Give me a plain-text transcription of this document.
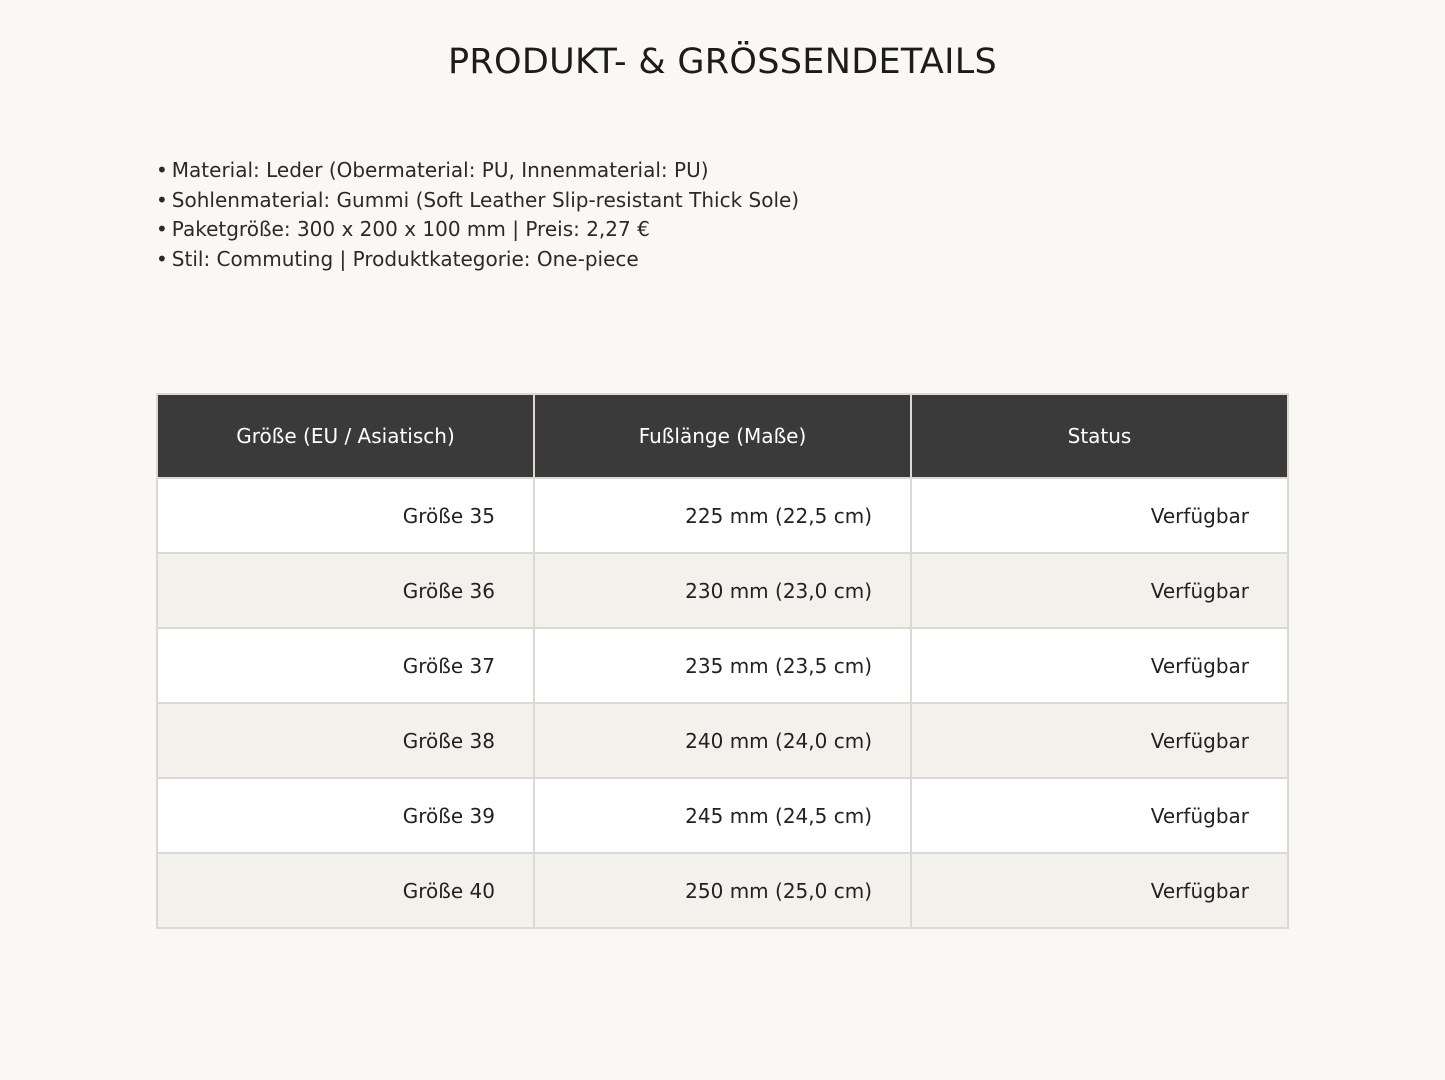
PRODUKT- & GRÖSSENDETAILS
• Material: Leder (Obermaterial: PU, Innenmaterial: PU)
• Sohlenmaterial: Gummi (Soft Leather Slip-resistant Thick Sole)
• Paketgröße: 300 x 200 x 100 mm | Preis: 2,27 €
• Stil: Commuting | Produktkategorie: One-piece
Größe (EU / Asiatisch)	Fußlänge (Maße)	Status
Größe 35	225 mm (22,5 cm)	Verfügbar
Größe 36	230 mm (23,0 cm)	Verfügbar
Größe 37	235 mm (23,5 cm)	Verfügbar
Größe 38	240 mm (24,0 cm)	Verfügbar
Größe 39	245 mm (24,5 cm)	Verfügbar
Größe 40	250 mm (25,0 cm)	Verfügbar
